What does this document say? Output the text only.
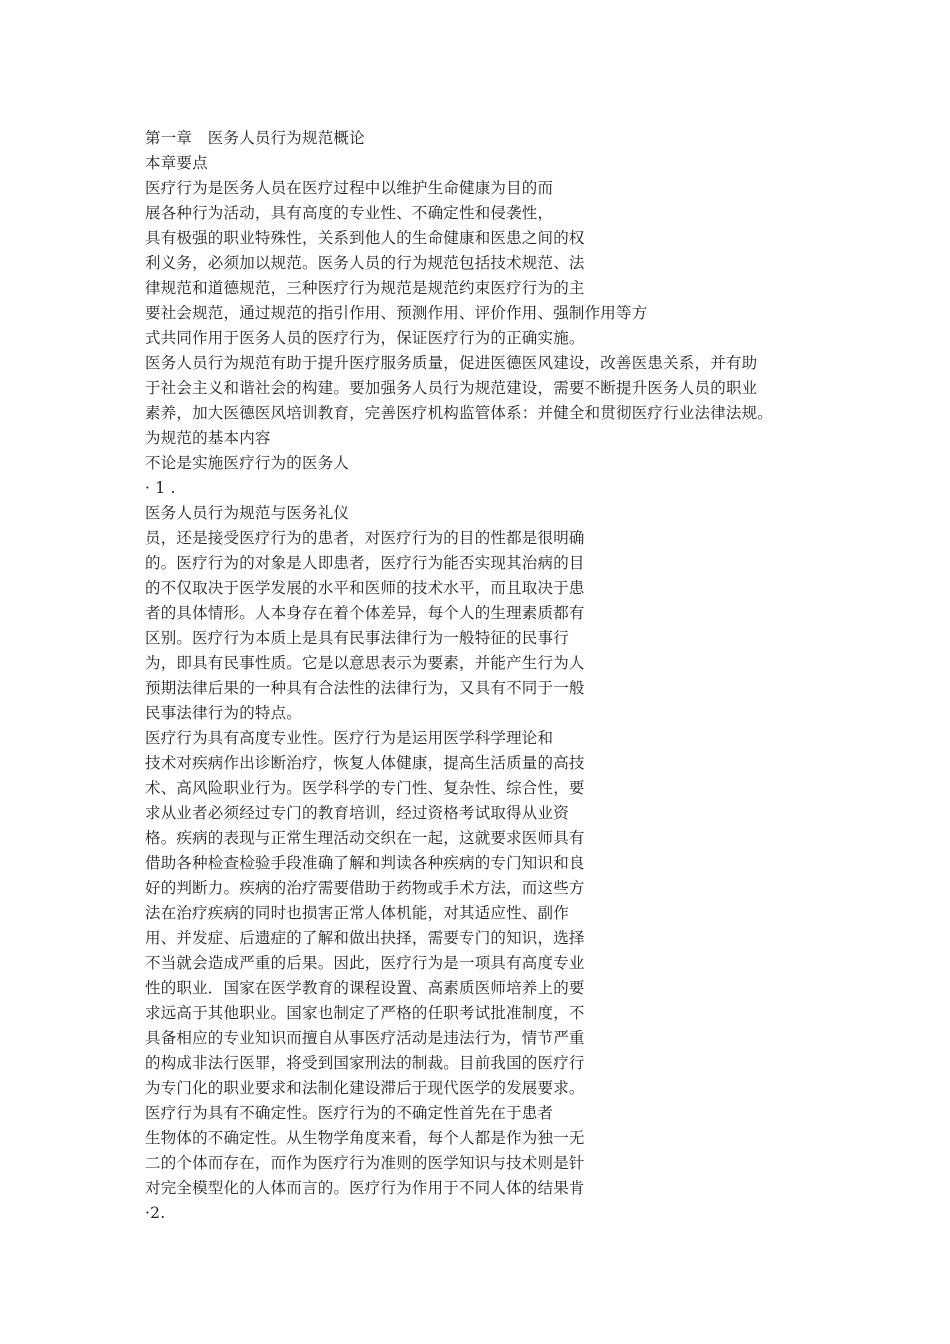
第一章　医务人员行为规范概论
本章要点
医疗行为是医务人员在医疗过程中以维护生命健康为目的而
展各种行为活动，具有高度的专业性、不确定性和侵袭性，
具有极强的职业特殊性，关系到他人的生命健康和医患之间的权
利义务，必须加以规范。医务人员的行为规范包括技术规范、法
律规范和道德规范，三种医疗行为规范是规范约束医疗行为的主
要社会规范，通过规范的指引作用、预测作用、评价作用、强制作用等方
式共同作用于医务人员的医疗行为，保证医疗行为的正确实施。
医务人员行为规范有助于提升医疗服务质量，促进医德医风建设，改善医患关系，并有助
于社会主义和谐社会的构建。要加强务人员行为规范建设，需要不断提升医务人员的职业
素养，加大医德医风培训教育，完善医疗机构监管体系：并健全和贯彻医疗行业法律法规。
为规范的基本内容
不论是实施医疗行为的医务人
· 1 .
医务人员行为规范与医务礼仪
员，还是接受医疗行为的患者，对医疗行为的目的性都是很明确
的。医疗行为的对象是人即患者，医疗行为能否实现其治病的目
的不仅取决于医学发展的水平和医师的技术水平，而且取决于患
者的具体情形。人本身存在着个体差异，每个人的生理素质都有
区别。医疗行为本质上是具有民事法律行为一般特征的民事行
为，即具有民事性质。它是以意思表示为要素，并能产生行为人
预期法律后果的一种具有合法性的法律行为，又具有不同于一般
民事法律行为的特点。
医疗行为具有高度专业性。医疗行为是运用医学科学理论和
技术对疾病作出诊断治疗，恢复人体健康，提高生活质量的高技
术、高风险职业行为。医学科学的专门性、复杂性、综合性，要
求从业者必须经过专门的教育培训，经过资格考试取得从业资
格。疾病的表现与正常生理活动交织在一起，这就要求医师具有
借助各种检查检验手段准确了解和判读各种疾病的专门知识和良
好的判断力。疾病的治疗需要借助于药物或手术方法，而这些方
法在治疗疾病的同时也损害正常人体机能，对其适应性、副作
用、并发症、后遗症的了解和做出抉择，需要专门的知识，选择
不当就会造成严重的后果。因此，医疗行为是一项具有高度专业
性的职业．国家在医学教育的课程设置、高素质医师培养上的要
求远高于其他职业。国家也制定了严格的任职考试批准制度，不
具备相应的专业知识而擅自从事医疗活动是违法行为，情节严重
的构成非法行医罪，将受到国家刑法的制裁。目前我国的医疗行
为专门化的职业要求和法制化建设滞后于现代医学的发展要求。
医疗行为具有不确定性。医疗行为的不确定性首先在于患者
生物体的不确定性。从生物学角度来看，每个人都是作为独一无
二的个体而存在，而作为医疗行为准则的医学知识与技术则是针
对完全模型化的人体而言的。医疗行为作用于不同人体的结果肯
·2.
